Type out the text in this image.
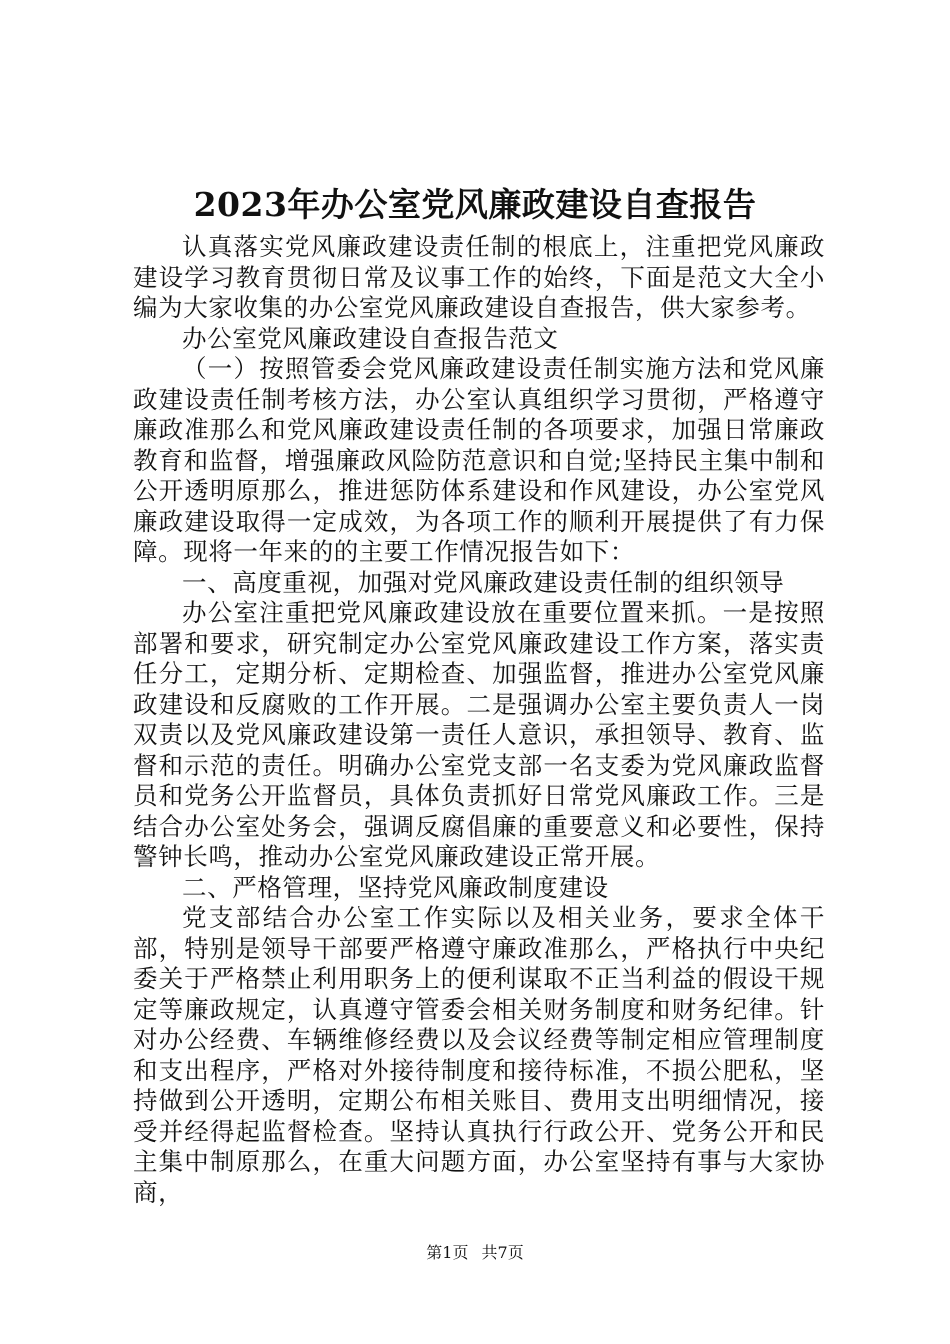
2023年办公室党风廉政建设自查报告

认真落实党风廉政建设责任制的根底上，注重把党风廉政建设学习教育贯彻日常及议事工作的始终，下面是范文大全小编为大家收集的办公室党风廉政建设自查报告，供大家参考。

办公室党风廉政建设自查报告范文

（一）按照管委会党风廉政建设责任制实施方法和党风廉政建设责任制考核方法，办公室认真组织学习贯彻，严格遵守廉政准那么和党风廉政建设责任制的各项要求，加强日常廉政教育和监督，增强廉政风险防范意识和自觉;坚持民主集中制和公开透明原那么，推进惩防体系建设和作风建设，办公室党风廉政建设取得一定成效，为各项工作的顺利开展提供了有力保障。现将一年来的的主要工作情况报告如下：

一、高度重视，加强对党风廉政建设责任制的组织领导

办公室注重把党风廉政建设放在重要位置来抓。一是按照部署和要求，研究制定办公室党风廉政建设工作方案，落实责任分工，定期分析、定期检查、加强监督，推进办公室党风廉政建设和反腐败的工作开展。二是强调办公室主要负责人一岗双责以及党风廉政建设第一责任人意识，承担领导、教育、监督和示范的责任。明确办公室党支部一名支委为党风廉政监督员和党务公开监督员，具体负责抓好日常党风廉政工作。三是结合办公室处务会，强调反腐倡廉的重要意义和必要性，保持警钟长鸣，推动办公室党风廉政建设正常开展。

二、严格管理，坚持党风廉政制度建设

党支部结合办公室工作实际以及相关业务，要求全体干部，特别是领导干部要严格遵守廉政准那么，严格执行中央纪委关于严格禁止利用职务上的便利谋取不正当利益的假设干规定等廉政规定，认真遵守管委会相关财务制度和财务纪律。针对办公经费、车辆维修经费以及会议经费等制定相应管理制度和支出程序，严格对外接待制度和接待标准，不损公肥私，坚持做到公开透明，定期公布相关账目、费用支出明细情况，接受并经得起监督检查。坚持认真执行行政公开、党务公开和民主集中制原那么，在重大问题方面，办公室坚持有事与大家协商，

第1页 共7页
